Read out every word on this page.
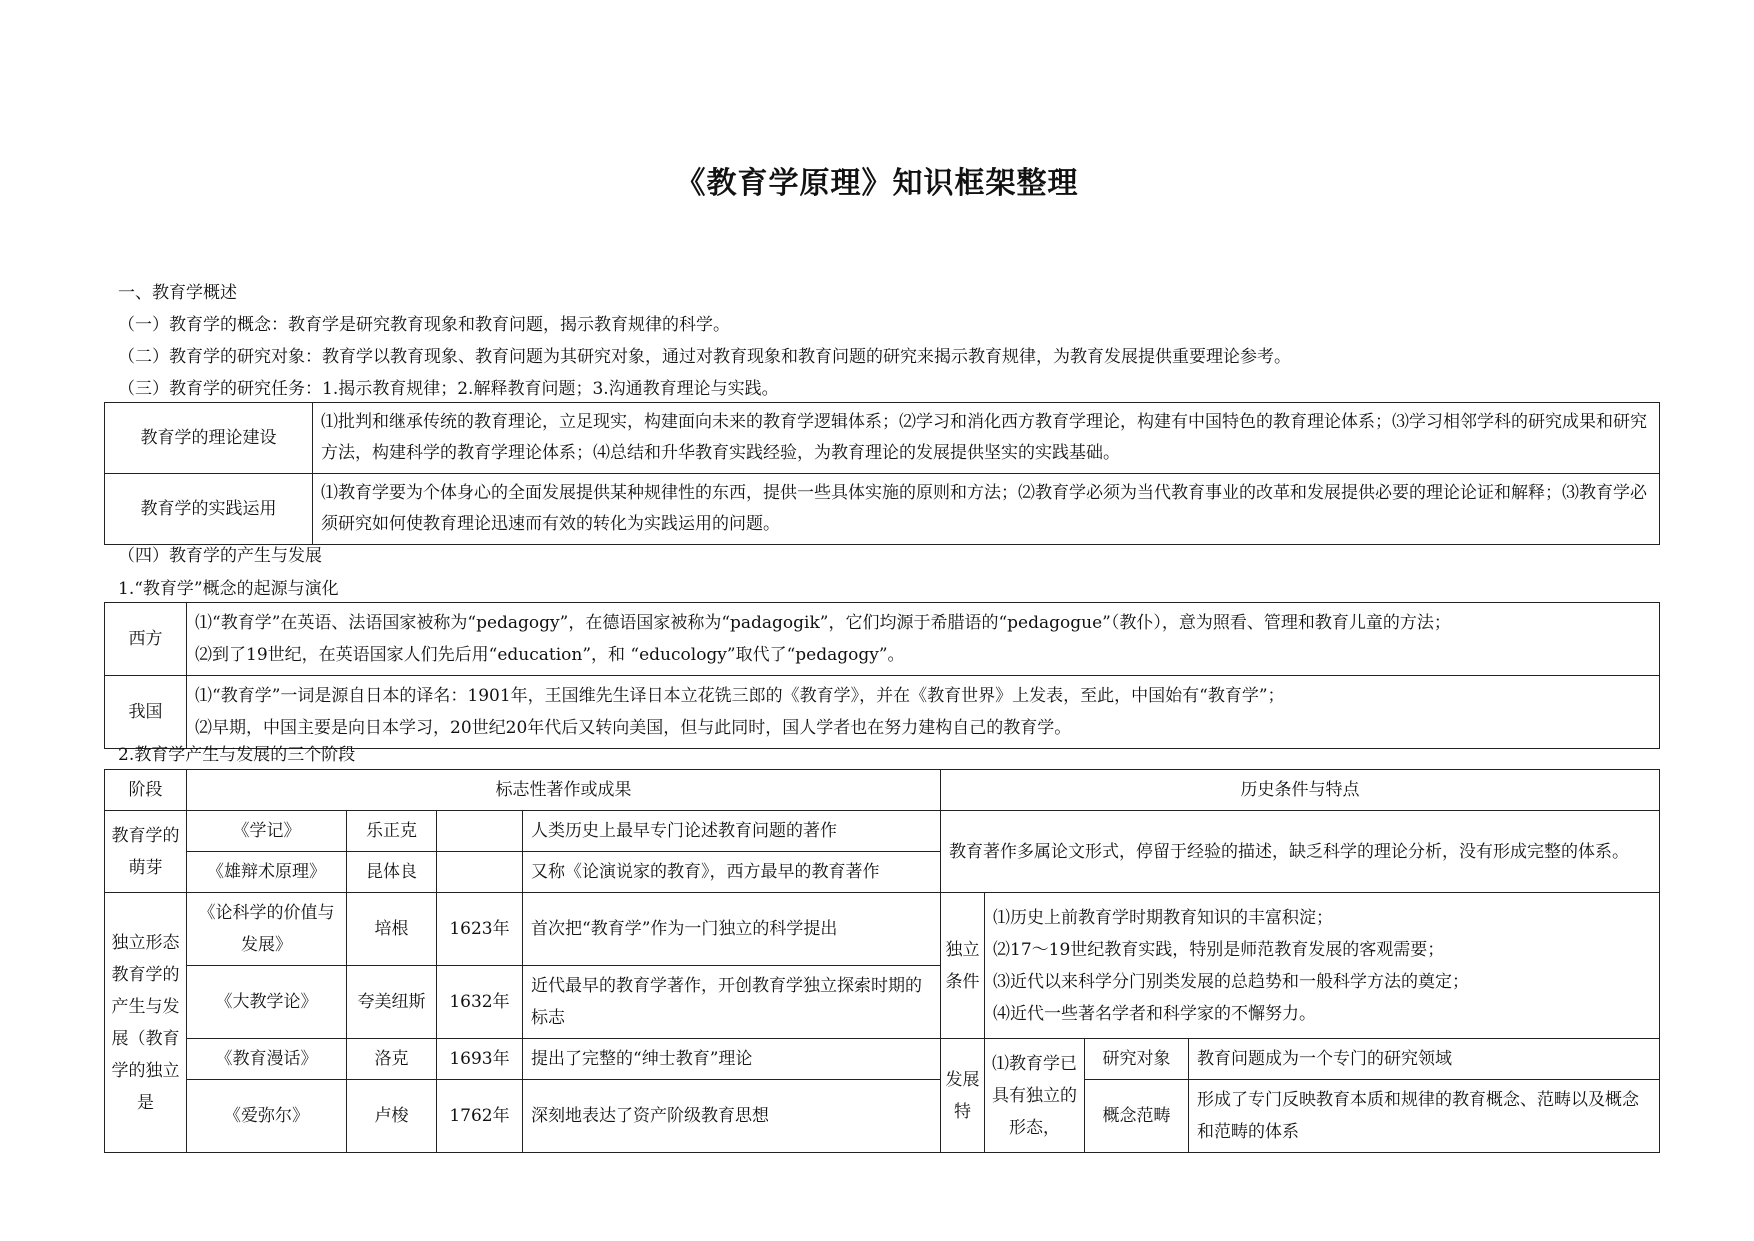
《教育学原理》知识框架整理
一、教育学概述
（一）教育学的概念：教育学是研究教育现象和教育问题，揭示教育规律的科学。
（二）教育学的研究对象：教育学以教育现象、教育问题为其研究对象，通过对教育现象和教育问题的研究来揭示教育规律，为教育发展提供重要理论参考。
（三）教育学的研究任务：1.揭示教育规律；2.解释教育问题；3.沟通教育理论与实践。
教育学的理论建设	⑴批判和继承传统的教育理论，立足现实，构建面向未来的教育学逻辑体系；⑵学习和消化西方教育学理论，构建有中国特色的教育理论体系；⑶学习相邻学科的研究成果和研究方法，构建科学的教育学理论体系；⑷总结和升华教育实践经验，为教育理论的发展提供坚实的实践基础。
教育学的实践运用	⑴教育学要为个体身心的全面发展提供某种规律性的东西，提供一些具体实施的原则和方法；⑵教育学必须为当代教育事业的改革和发展提供必要的理论论证和解释；⑶教育学必须研究如何使教育理论迅速而有效的转化为实践运用的问题。
（四）教育学的产生与发展
1.“教育学”概念的起源与演化
西方	⑴“教育学”在英语、法语国家被称为“pedagogy”，在德语国家被称为“padagogik”，它们均源于希腊语的“pedagogue”（教仆），意为照看、管理和教育儿童的方法；
⑵到了19世纪，在英语国家人们先后用“education”，和 “educology”取代了“pedagogy”。

我国	⑴“教育学”一词是源自日本的译名：1901年，王国维先生译日本立花铣三郎的《教育学》，并在《教育世界》上发表，至此，中国始有“教育学”；
⑵早期，中国主要是向日本学习，20世纪20年代后又转向美国，但与此同时，国人学者也在努力建构自己的教育学。
2.教育学产生与发展的三个阶段
阶段	标志性著作或成果				历史条件与特点			
教育学的萌芽	《学记》	乐正克		人类历史上最早专门论述教育问题的著作	教育著作多属论文形式，停留于经验的描述，缺乏科学的理论分析，没有形成完整的体系。			
	《雄辩术原理》	昆体良		又称《论演说家的教育》，西方最早的教育著作				
独立形态教育学的产生与发展（教育学的独立是	《论科学的价值与发展》	培根	1623年	首次把“教育学”作为一门独立的科学提出	独立条件	⑴历史上前教育学时期教育知识的丰富积淀；
⑵17～19世纪教育实践，特别是师范教育发展的客观需要；
⑶近代以来科学分门别类发展的总趋势和一般科学方法的奠定；
⑷近代一些著名学者和科学家的不懈努力。		

	《大教学论》	夸美纽斯	1632年	近代最早的教育学著作，开创教育学独立探索时期的标志				
	《教育漫话》	洛克	1693年	提出了完整的“绅士教育”理论	发展特	⑴教育学已具有独立的形态，	研究对象	教育问题成为一个专门的研究领域
	《爱弥尔》	卢梭	1762年	深刻地表达了资产阶级教育思想			概念范畴	形成了专门反映教育本质和规律的教育概念、范畴以及概念和范畴的体系
